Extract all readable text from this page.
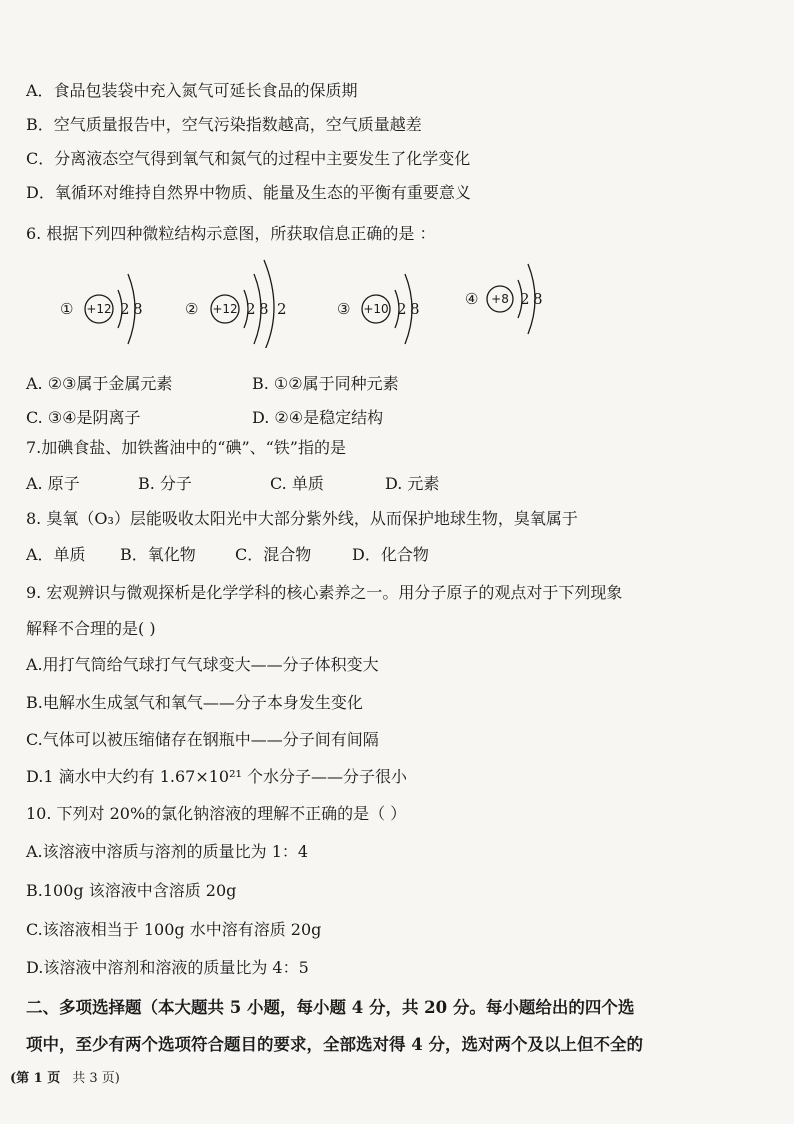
A．食品包装袋中充入氮气可延长食品的保质期
B．空气质量报告中，空气污染指数越高，空气质量越差
C．分离液态空气得到氧气和氮气的过程中主要发生了化学变化
D．氧循环对维持自然界中物质、能量及生态的平衡有重要意义
6. 根据下列四种微粒结构示意图，所获取信息正确的是 ：
① +12 2 8	② +12 2 8 2	③ +10 2 8
④ +8 2 8
A. ②③属于金属元素	B. ①②属于同种元素
C. ③④是阴离子	D. ②④是稳定结构
7.加碘食盐、加铁酱油中的“碘”、“铁”指的是
A. 原子	B. 分子	C. 单质	D. 元素
8. 臭氧（O₃）层能吸收太阳光中大部分紫外线，从而保护地球生物，臭氧属于
A．单质 B．氧化物 C．混合物	D．化合物
9. 宏观辨识与微观探析是化学学科的核心素养之一。用分子原子的观点对于下列现象
解释不合理的是( )
A.用打气筒给气球打气气球变大——分子体积变大
B.电解水生成氢气和氧气——分子本身发生变化
C.气体可以被压缩储存在钢瓶中——分子间有间隔
D.1 滴水中大约有 1.67×10²¹ 个水分子——分子很小
10. 下列对 20%的氯化钠溶液的理解不正确的是（ ）
A.该溶液中溶质与溶剂的质量比为 1：4
B.100g 该溶液中含溶质 20g
C.该溶液相当于 100g 水中溶有溶质 20g
D.该溶液中溶剂和溶液的质量比为 4：5
二、多项选择题（本大题共 5 小题，每小题 4 分，共 20 分。每小题给出的四个选
项中，至少有两个选项符合题目的要求，全部选对得 4 分，选对两个及以上但不全的
(第 1 页 共 3 页)
